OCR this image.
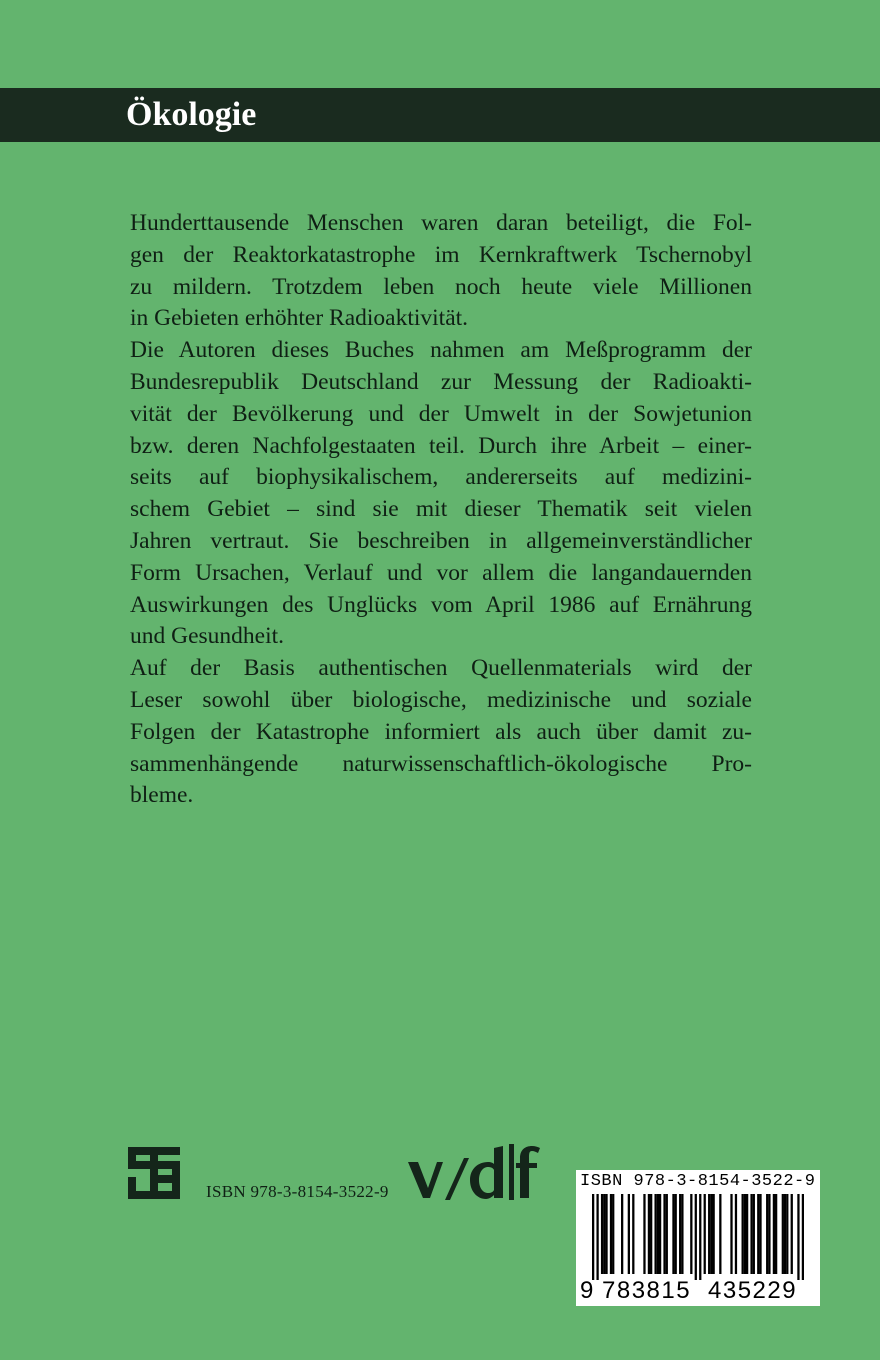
Ökologie

Hunderttausende Menschen waren daran beteiligt, die Fol-
gen der Reaktorkatastrophe im Kernkraftwerk Tschernobyl
zu mildern. Trotzdem leben noch heute viele Millionen
in Gebieten erhöhter Radioaktivität.

Die Autoren dieses Buches nahmen am Meßprogramm der
Bundesrepublik Deutschland zur Messung der Radioakti-
vität der Bevölkerung und der Umwelt in der Sowjetunion
bzw. deren Nachfolgestaaten teil. Durch ihre Arbeit – einer-
seits auf biophysikalischem, andererseits auf medizini-
schem Gebiet – sind sie mit dieser Thematik seit vielen
Jahren vertraut. Sie beschreiben in allgemeinverständlicher
Form Ursachen, Verlauf und vor allem die langandauernden
Auswirkungen des Unglücks vom April 1986 auf Ernährung
und Gesundheit.

Auf der Basis authentischen Quellenmaterials wird der
Leser sowohl über biologische, medizinische und soziale
Folgen der Katastrophe informiert als auch über damit zu-
sammenhängende naturwissenschaftlich-ökologische Pro-
bleme.

ISBN 978-3-8154-3522-9
ISBN 978-3-8154-3522-9
9 783815 435229
